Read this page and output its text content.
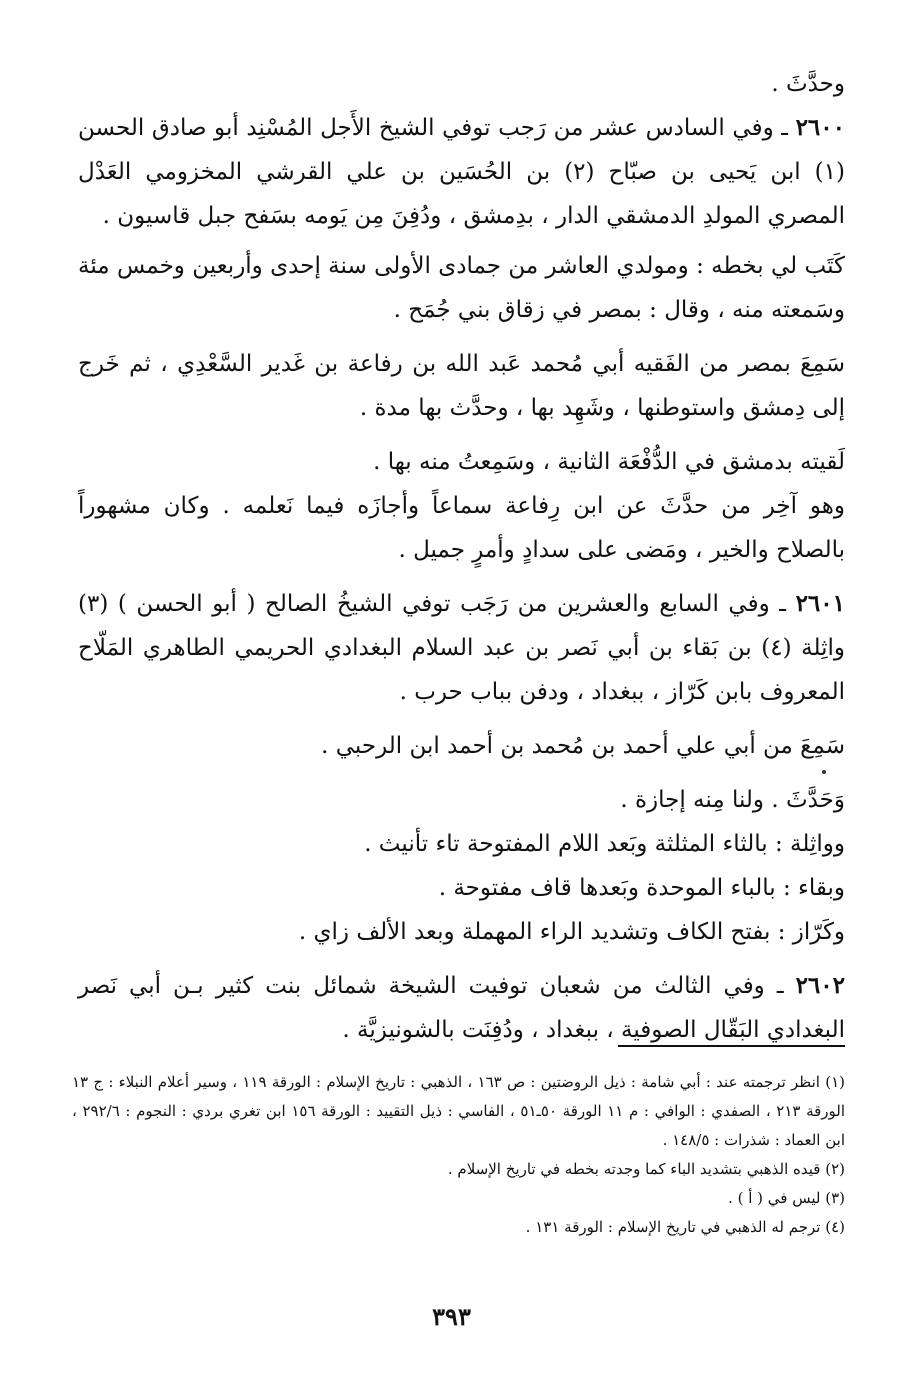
وحدَّثَ .

٢٦٠٠ ـ وفي السادس عشر من رَجب توفي الشيخ الأَجل المُسْنِد أبو صادق الحسن (١) ابن يَحيى بن صبّاح (٢) بن الحُسَين بن علي القرشي المخزومي العَدْل المصري المولدِ الدمشقي الدار ، بدِمشق ، ودُفِنَ مِن يَومه بسَفح جبل قاسيون .

كَتَب لي بخطه : ومولدي العاشر من جمادى الأولى سنة إحدى وأربعين وخمس مئة وسَمعته منه ، وقال : بمصر في زقاق بني جُمَح .

سَمِعَ بمصر من الفَقيه أبي مُحمد عَبد الله بن رفاعة بن غَدير السَّعْدِي ، ثم خَرج إلى دِمشق واستوطنها ، وشَهِد بها ، وحدَّث بها مدة .

لَقيته بدمشق في الدُّفْعَة الثانية ، وسَمِعتُ منه بها .

وهو آخِر من حدَّثَ عن ابن رِفاعة سماعاً وأجازَه فيما نَعلمه . وكان مشهوراً بالصلاح والخير ، ومَضى على سدادٍ وأمرٍ جميل .

٢٦٠١ ـ وفي السابع والعشرين من رَجَب توفي الشيخُ الصالح ( أبو الحسن ) (٣) واثِلة (٤) بن بَقاء بن أبي نَصر بن عبد السلام البغدادي الحريمي الطاهري المَلّاح المعروف بابن كَرّاز ، ببغداد ، ودفن بباب حرب .

سَمِعَ من أبي علي أحمد بن مُحمد بن أحمد ابن الرحبي .

وَحَدَّثَ . ولنا مِنه إجازة .

وواثِلة : بالثاء المثلثة وبَعد اللام المفتوحة تاء تأنيث .

وبقاء : بالباء الموحدة وبَعدها قاف مفتوحة .

وكَرّاز : بفتح الكاف وتشديد الراء المهملة وبعد الألف زاي .

٢٦٠٢ ـ وفي الثالث من شعبان توفيت الشيخة شمائل بنت كثير بـن أبي نَصر البغدادي البَقّال الصوفية ، ببغداد ، ودُفِنَت بالشونيزيَّة .

(١) انظر ترجمته عند : أبي شامة : ذيل الروضتين : ص ١٦٣ ، الذهبي : تاريخ الإسلام : الورقة ١١٩ ، وسير أعلام النبلاء : ج ١٣ الورقة ٢١٣ ، الصفدي : الوافي : م ١١ الورقة ٥٠ـ٥١ ، الفاسي : ذيل التقييد : الورقة ١٥٦ ابن تغري بردي : النجوم : ٢٩٢/٦ ، ابن العماد : شذرات : ١٤٨/٥ .

(٢) قيده الذهبي بتشديد الباء كما وجدته بخطه في تاريخ الإسلام .

(٣) ليس في ( أ ) .

(٤) ترجم له الذهبي في تاريخ الإسلام : الورقة ١٣١ .

٣٩٣
